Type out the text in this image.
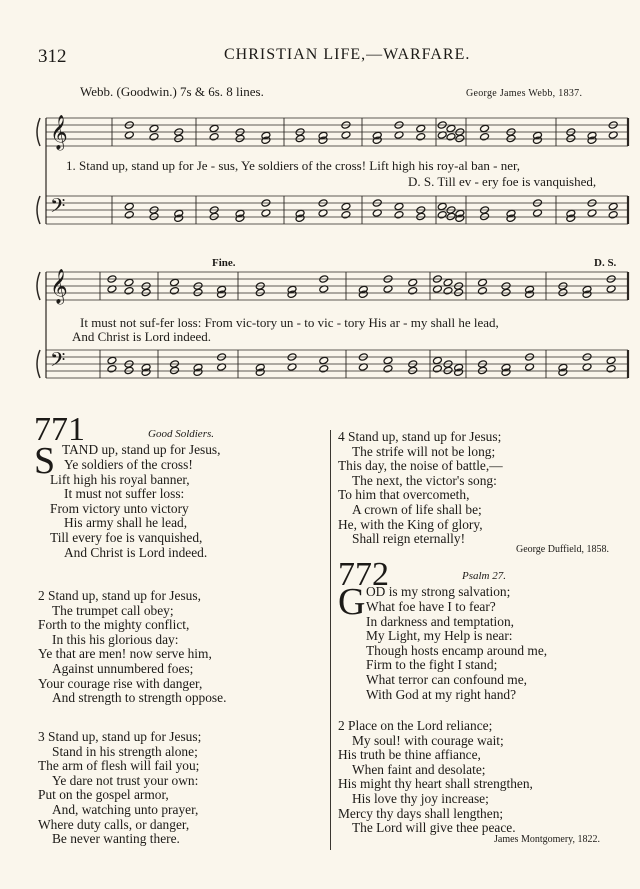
312	CHRISTIAN LIFE,—WARFARE.
Webb. (Goodwin.) 7s & 6s. 8 lines.	George James Webb, 1837.
𝄞
𝄢
𝄞
𝄢
1. Stand up, stand up for Je - sus, Ye soldiers of the cross! Lift high his roy-al ban - ner,
D. S. Till ev - ery foe is vanquished,
Fine.	D. S.
It must not suf-fer loss: From vic-tory un - to vic - tory His ar - my shall he lead,
And Christ is Lord indeed.
771	Good Soldiers.
S TAND up, stand up for Jesus,
Ye soldiers of the cross!
Lift high his royal banner,
It must not suffer loss:
From victory unto victory
His army shall he lead,
Till every foe is vanquished,
And Christ is Lord indeed.
2 Stand up, stand up for Jesus,
The trumpet call obey;
Forth to the mighty conflict,
In this his glorious day:
Ye that are men! now serve him,
Against unnumbered foes;
Your courage rise with danger,
And strength to strength oppose.
3 Stand up, stand up for Jesus;
Stand in his strength alone;
The arm of flesh will fail you;
Ye dare not trust your own:
Put on the gospel armor,
And, watching unto prayer,
Where duty calls, or danger,
Be never wanting there.
4 Stand up, stand up for Jesus;
The strife will not be long;
This day, the noise of battle,—
The next, the victor's song:
To him that overcometh,
A crown of life shall be;
He, with the King of glory,
Shall reign eternally!
George Duffield, 1858.
772	Psalm 27.
G OD is my strong salvation;
What foe have I to fear?
In darkness and temptation,
My Light, my Help is near:
Though hosts encamp around me,
Firm to the fight I stand;
What terror can confound me,
With God at my right hand?
2 Place on the Lord reliance;
My soul! with courage wait;
His truth be thine affiance,
When faint and desolate;
His might thy heart shall strengthen,
His love thy joy increase;
Mercy thy days shall lengthen;
The Lord will give thee peace.
James Montgomery, 1822.
